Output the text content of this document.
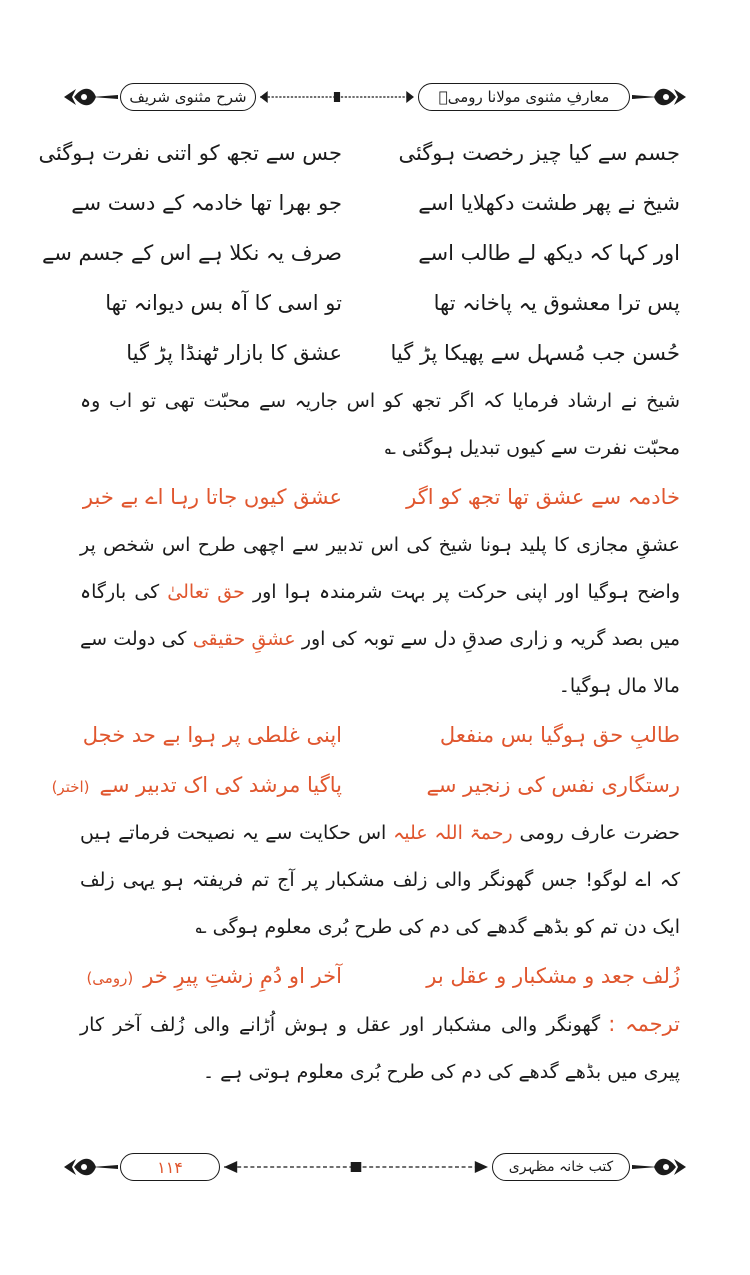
شرح مثنوی شریف	معارفِ مثنوی مولانا رومیؒ
جسم سے کیا چیز رخصت ہوگئی
جس سے تجھ کو اتنی نفرت ہوگئی
شیخ نے پھر طشت دکھلایا اسے
جو بھرا تھا خادمہ کے دست سے
اور کہا کہ دیکھ لے طالب اسے
صرف یہ نکلا ہے اس کے جسم سے
پس ترا معشوق یہ پاخانہ تھا
تو اسی کا آہ بس دیوانہ تھا
حُسن جب مُسہل سے پھیکا پڑ گیا
عشق کا بازار ٹھنڈا پڑ گیا

شیخ نے ارشاد فرمایا کہ اگر تجھ کو اس جاریہ سے محبّت تھی تو اب وہ محبّت نفرت سے کیوں تبدیل ہوگئی ؎

خادمہ سے عشق تھا تجھ کو اگر
عشق کیوں جاتا رہا اے بے خبر

عشقِ مجازی کا پلید ہونا شیخ کی اس تدبیر سے اچھی طرح اس شخص پر واضح ہوگیا اور اپنی حرکت پر بہت شرمندہ ہوا اور حق تعالیٰ کی بارگاہ میں بصد گریہ و زاری صدقِ دل سے توبہ کی اور عشقِ حقیقی کی دولت سے مالا مال ہوگیا۔

طالبِ حق ہوگیا بس منفعل
اپنی غلطی پر ہوا بے حد خجل
رستگاری نفس کی زنجیر سے
پاگیا مرشد کی اک تدبیر سے(اختر)

حضرت عارف رومی رحمۃ اللہ علیہ اس حکایت سے یہ نصیحت فرماتے ہیں کہ اے لوگو! جس گھونگر والی زلف مشکبار پر آج تم فریفتہ ہو یہی زلف ایک دن تم کو بڈھے گدھے کی دم کی طرح بُری معلوم ہوگی ؎

زُلف جعد و مشکبار و عقل بر
آخر او دُمِ زشتِ پیرِ خر(رومی)

ترجمہ :گھونگر والی مشکبار اور عقل و ہوش اُڑانے والی زُلف آخر کار پیری میں بڈھے گدھے کی دم کی طرح بُری معلوم ہوتی ہے ۔

۱۱۴	کتب خانہ مظہری
